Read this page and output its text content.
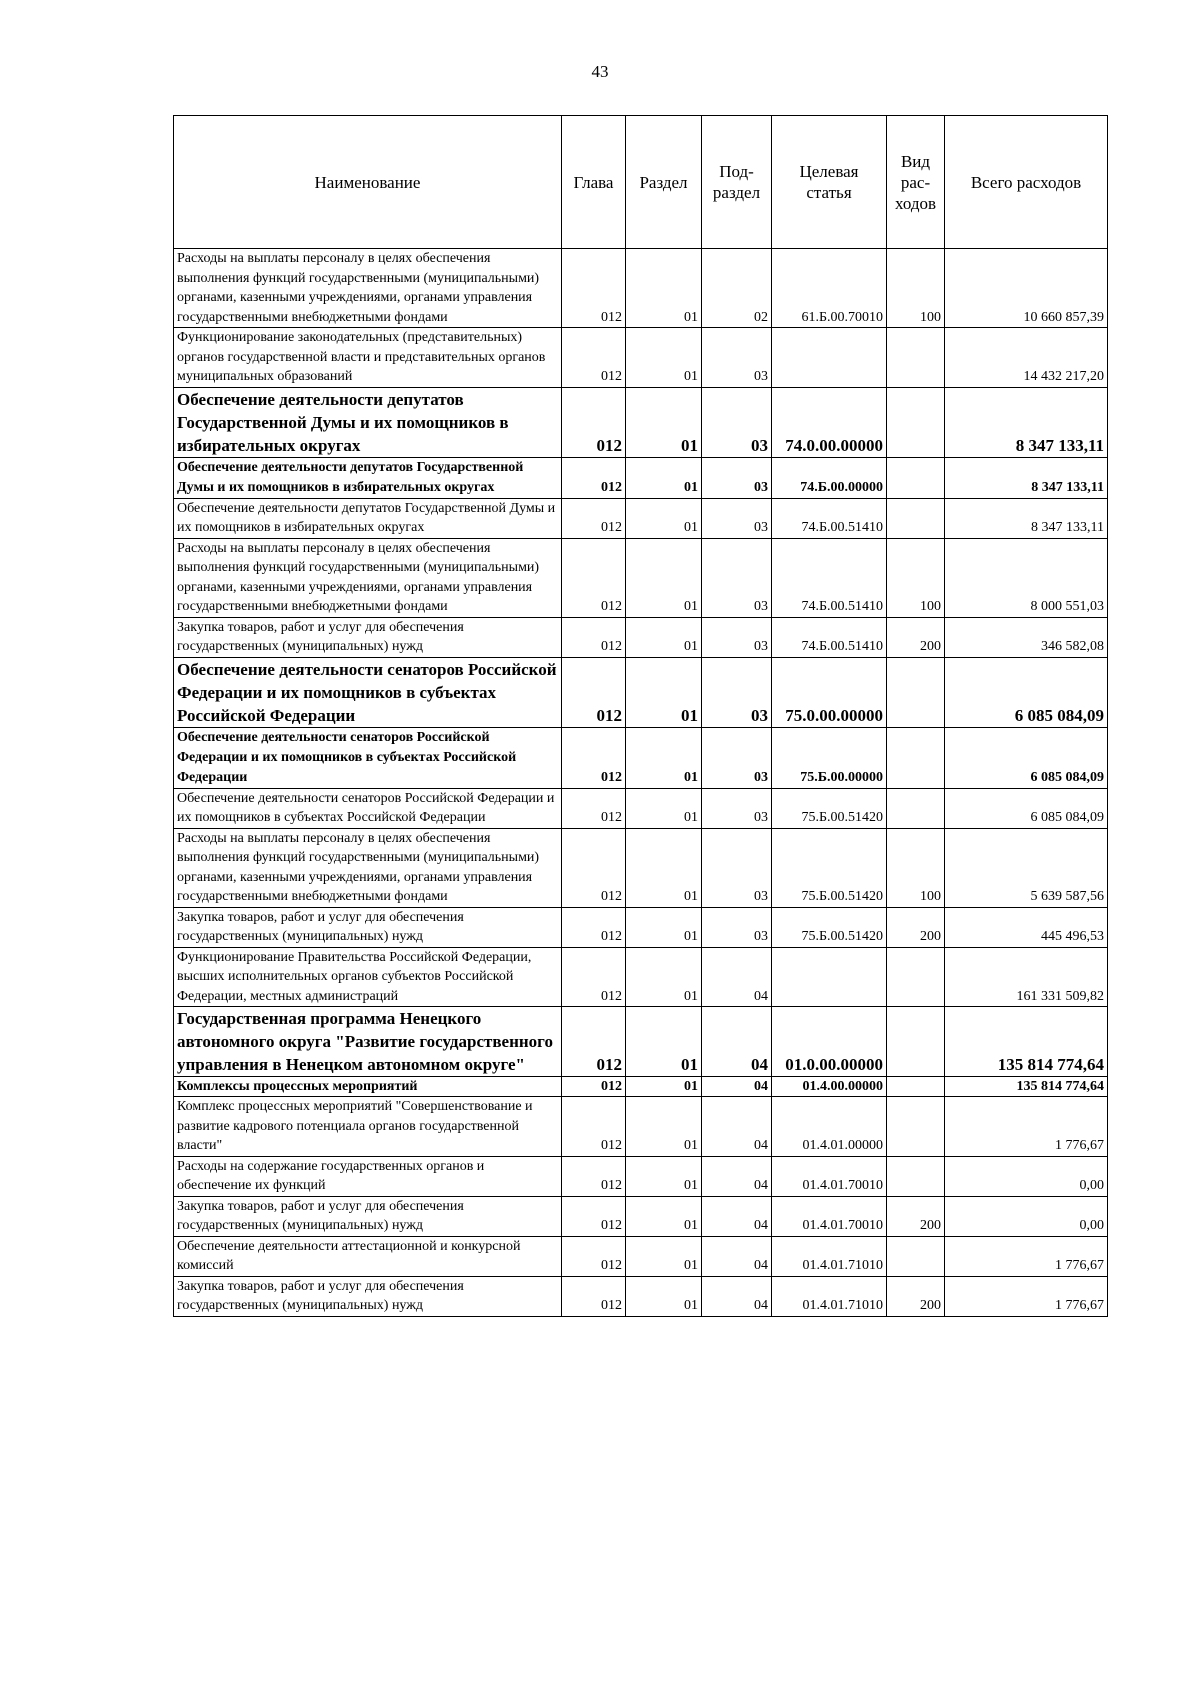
43
Наименование	Глава	Раздел	Под-раздел	Целевая статья	Вид рас-ходов	Всего расходов
Расходы на выплаты персоналу в целях обеспечения выполнения функций государственными (муниципальными) органами, казенными учреждениями, органами управления государственными внебюджетными фондами	012	01	02	61.Б.00.70010	100	10 660 857,39
Функционирование законодательных (представительных) органов государственной власти и представительных органов муниципальных образований	012	01	03			14 432 217,20
Обеспечение деятельности депутатов Государственной Думы и их помощников в избирательных округах	012	01	03	74.0.00.00000		8 347 133,11
Обеспечение деятельности депутатов Государственной Думы и их помощников в избирательных округах	012	01	03	74.Б.00.00000		8 347 133,11
Обеспечение деятельности депутатов Государственной Думы и их помощников в избирательных округах	012	01	03	74.Б.00.51410		8 347 133,11
Расходы на выплаты персоналу в целях обеспечения выполнения функций государственными (муниципальными) органами, казенными учреждениями, органами управления государственными внебюджетными фондами	012	01	03	74.Б.00.51410	100	8 000 551,03
Закупка товаров, работ и услуг для обеспечения государственных (муниципальных) нужд	012	01	03	74.Б.00.51410	200	346 582,08
Обеспечение деятельности сенаторов Российской Федерации и их помощников в субъектах Российской Федерации	012	01	03	75.0.00.00000		6 085 084,09
Обеспечение деятельности сенаторов Российской Федерации и их помощников в субъектах Российской Федерации	012	01	03	75.Б.00.00000		6 085 084,09
Обеспечение деятельности сенаторов Российской Федерации и их помощников в субъектах Российской Федерации	012	01	03	75.Б.00.51420		6 085 084,09
Расходы на выплаты персоналу в целях обеспечения выполнения функций государственными (муниципальными) органами, казенными учреждениями, органами управления государственными внебюджетными фондами	012	01	03	75.Б.00.51420	100	5 639 587,56
Закупка товаров, работ и услуг для обеспечения государственных (муниципальных) нужд	012	01	03	75.Б.00.51420	200	445 496,53
Функционирование Правительства Российской Федерации, высших исполнительных органов субъектов Российской Федерации, местных администраций	012	01	04			161 331 509,82
Государственная программа Ненецкого автономного округа "Развитие государственного управления в Ненецком автономном округе"	012	01	04	01.0.00.00000		135 814 774,64
Комплексы процессных мероприятий	012	01	04	01.4.00.00000		135 814 774,64
Комплекс процессных мероприятий "Совершенствование и развитие кадрового потенциала органов государственной власти"	012	01	04	01.4.01.00000		1 776,67
Расходы на содержание государственных органов и обеспечение их функций	012	01	04	01.4.01.70010		0,00
Закупка товаров, работ и услуг для обеспечения государственных (муниципальных) нужд	012	01	04	01.4.01.70010	200	0,00
Обеспечение деятельности аттестационной и конкурсной комиссий	012	01	04	01.4.01.71010		1 776,67
Закупка товаров, работ и услуг для обеспечения государственных (муниципальных) нужд	012	01	04	01.4.01.71010	200	1 776,67
